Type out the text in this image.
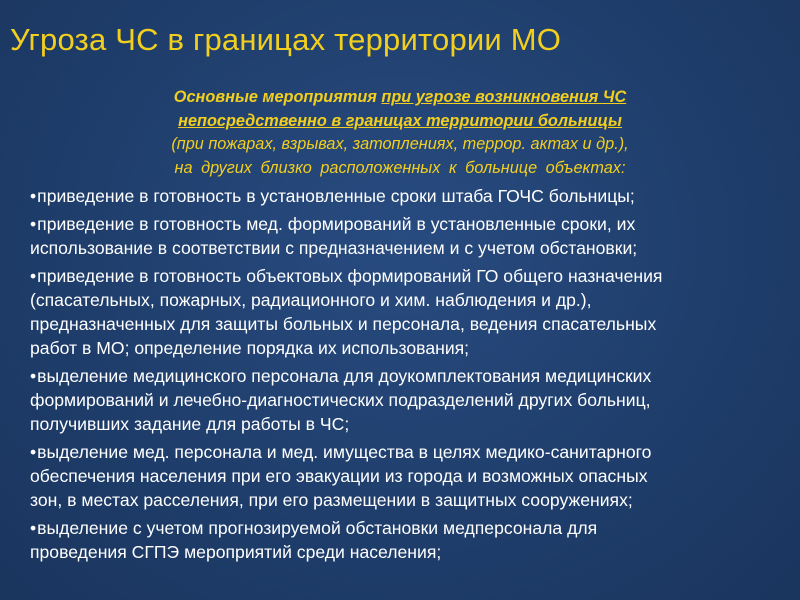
Угроза ЧС в границах территории МО
Основные мероприятия при угрозе возникновения ЧС
непосредственно в границах территории больницы
(при пожарах, взрывах, затоплениях, террор. актах и др.),
на других близко расположенных к больнице объектах:
•приведение в готовность в установленные сроки штаба ГОЧС больницы;
•приведение в готовность мед. формирований в установленные сроки, их
использование в соответствии с предназначением и с учетом обстановки;
•приведение в готовность объектовых формирований ГО общего назначения
(спасательных, пожарных, радиационного и хим. наблюдения и др.),
предназначенных для защиты больных и персонала, ведения спасательных
работ в МО; определение порядка их использования;
•выделение медицинского персонала для доукомплектования медицинских
формирований и лечебно-диагностических подразделений других больниц,
получивших задание для работы в ЧС;
•выделение мед. персонала и мед. имущества в целях медико-санитарного
обеспечения населения при его эвакуации из города и возможных опасных
зон, в местах расселения, при его размещении в защитных сооружениях;
•выделение с учетом прогнозируемой обстановки медперсонала для
проведения СГПЭ мероприятий среди населения;
